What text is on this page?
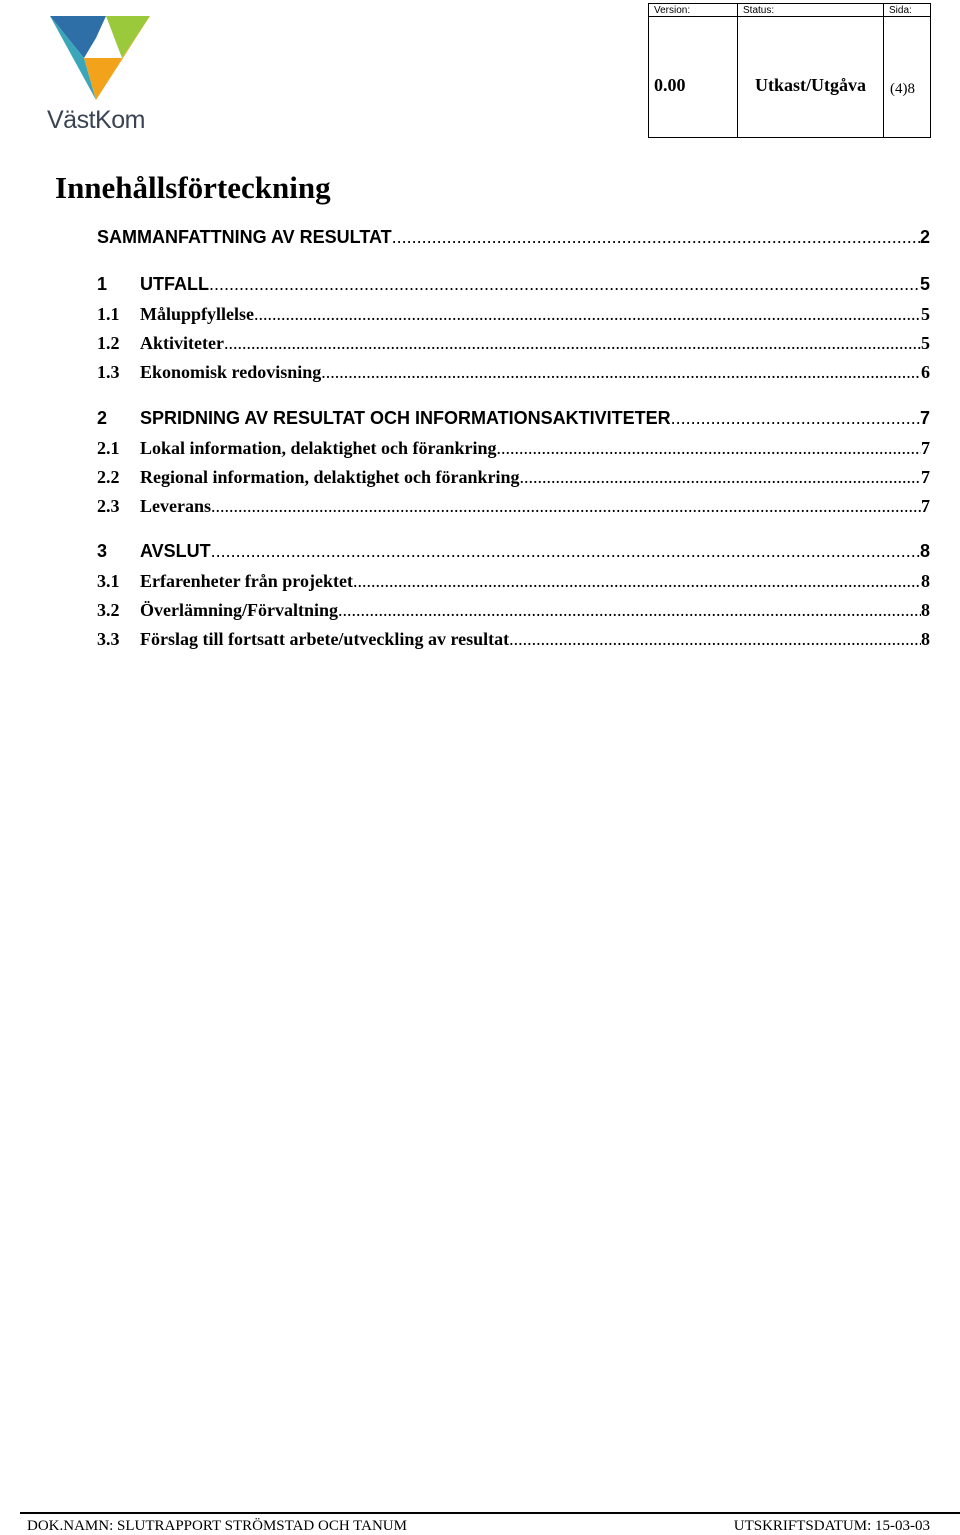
VästKom
Version:	Status:	Sida:
0.00	Utkast/Utgåva	(4)8
Innehållsförteckning
SAMMANFATTNING AV RESULTAT .....	2
1	UTFALL .....	5
1.1	Måluppfyllelse .....	5
1.2	Aktiviteter .....	5
1.3	Ekonomisk redovisning .....	6
2	SPRIDNING AV RESULTAT OCH INFORMATIONSAKTIVITETER .....	7
2.1	Lokal information, delaktighet och förankring .....	7
2.2	Regional information, delaktighet och förankring .....	7
2.3	Leverans .....	7
3	AVSLUT .....	8
3.1	Erfarenheter från projektet .....	8
3.2	Överlämning/Förvaltning .....	8
3.3	Förslag till fortsatt arbete/utveckling av resultat .....	8
DOK.NAMN: SLUTRAPPORT STRÖMSTAD OCH TANUM	UTSKRIFTSDATUM: 15-03-03
